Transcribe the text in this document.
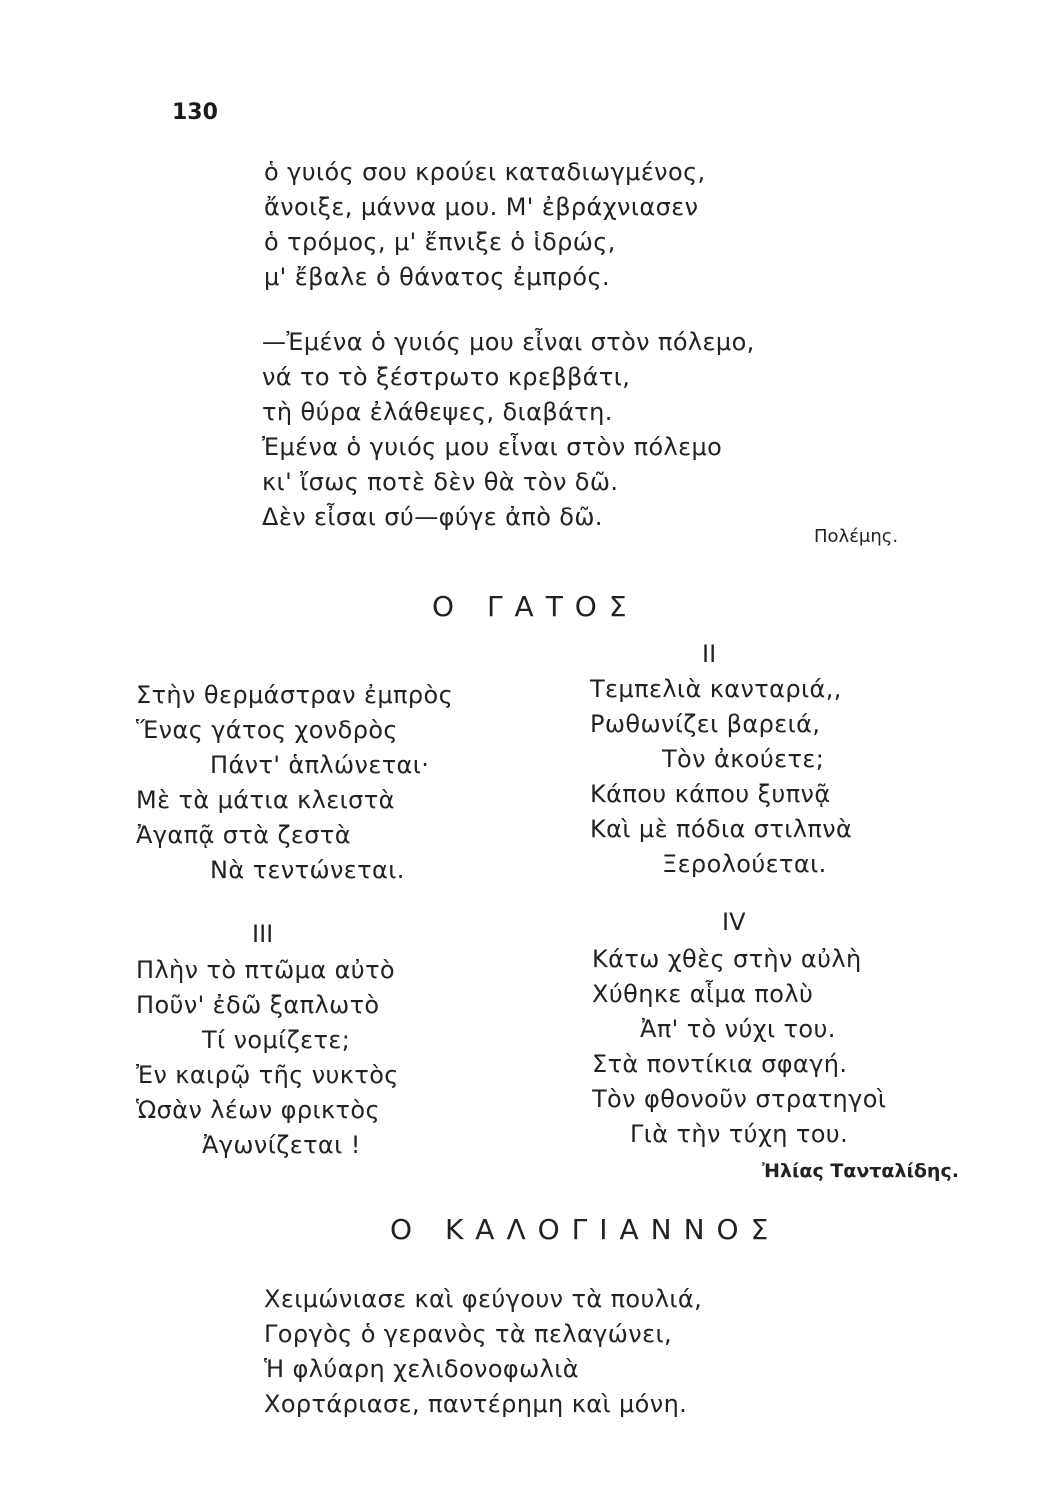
130
ὁ γυιός σου κρούει καταδιωγμένος,
ἄνοιξε, μάννα μου. Μ' ἐβράχνιασεν
ὁ τρόμος, μ' ἔπνιξε ὁ ἱδρώς,
μ' ἔβαλε ὁ θάνατος ἐμπρός.
—Ἐμένα ὁ γυιός μου εἶναι στὸν πόλεμο,
νά το τὸ ξέστρωτο κρεββάτι,
τὴ θύρα ἐλάθεψες, διαβάτη.
Ἐμένα ὁ γυιός μου εἶναι στὸν πόλεμο
κι' ἴσως ποτὲ δὲν θὰ τὸν δῶ.
Δὲν εἶσαι σύ—φύγε ἀπὸ δῶ.
Πολέμης.
Ο ΓΑΤΟΣ
Στὴν θερμάστραν ἐμπρὸς
Ἕνας γάτος χονδρὸς
Πάντ' ἁπλώνεται·
Μὲ τὰ μάτια κλειστὰ
Ἀγαπᾷ στὰ ζεστὰ
Νὰ τεντώνεται.
II
Τεμπελιὰ κανταριά,,
Ρωθωνίζει βαρειά,
Τὸν ἀκούετε;
Κάπου κάπου ξυπνᾷ
Καὶ μὲ πόδια στιλπνὰ
Ξερολούεται.
III
Πλὴν τὸ πτῶμα αὐτὸ
Ποῦν' ἐδῶ ξαπλωτὸ
Τί νομίζετε;
Ἐν καιρῷ τῆς νυκτὸς
Ὡσὰν λέων φρικτὸς
Ἀγωνίζεται !
IV
Κάτω χθὲς στὴν αὐλὴ
Χύθηκε αἷμα πολὺ
Ἀπ' τὸ νύχι του.
Στὰ ποντίκια σφαγή.
Τὸν φθονοῦν στρατηγοὶ
Γιὰ τὴν τύχη του.
Ἠλίας Τανταλίδης.
Ο ΚΑΛΟΓΙΑΝΝΟΣ
Χειμώνιασε καὶ φεύγουν τὰ πουλιά,
Γοργὸς ὁ γερανὸς τὰ πελαγώνει,
Ἡ φλύαρη χελιδονοφωλιὰ
Χορτάριασε, παντέρημη καὶ μόνη.
